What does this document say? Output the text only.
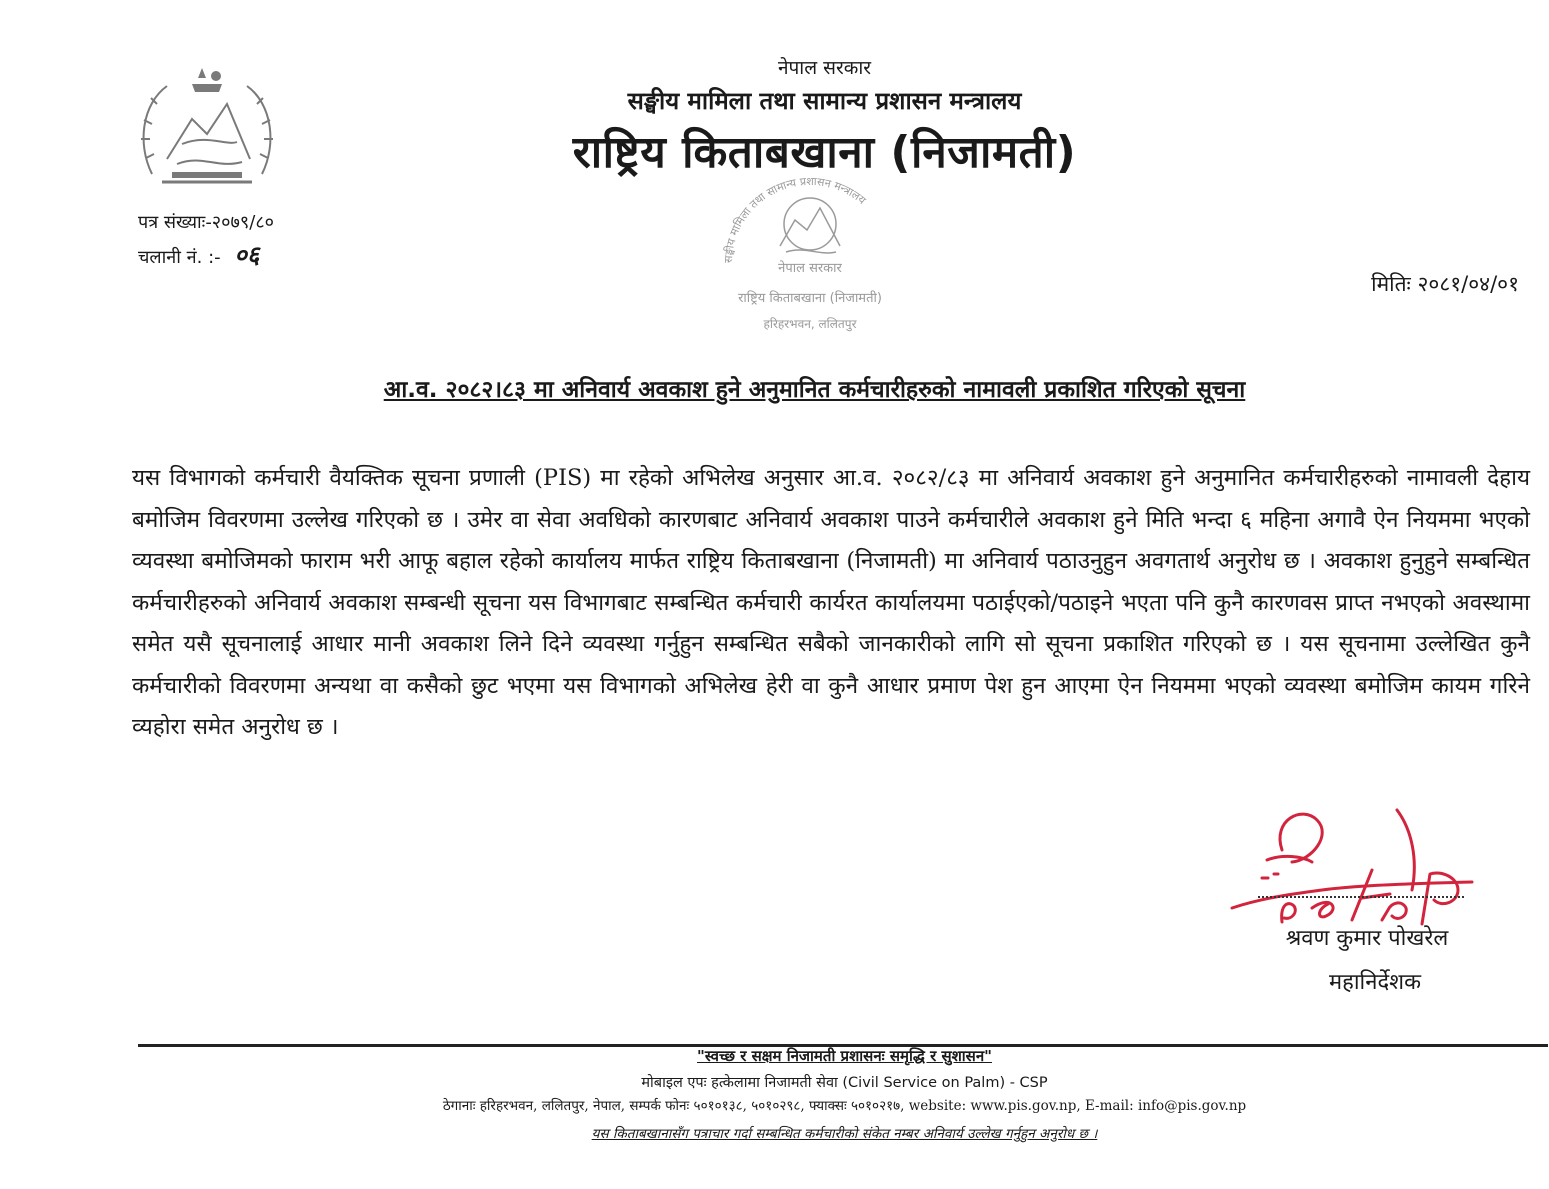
नेपाल सरकार
सङ्घीय मामिला तथा सामान्य प्रशासन मन्त्रालय
राष्ट्रिय किताबखाना (निजामती)
पत्र संख्याः-२०७९/८०
चलानी नं. :- ०६
मितिः २०८१/०४/०१
सङ्घीय मामिला तथा सामान्य प्रशासन मन्त्रालय
नेपाल सरकार
राष्ट्रिय किताबखाना (निजामती)
हरिहरभवन, ललितपुर
आ.व. २०८२।८३ मा अनिवार्य अवकाश हुने अनुमानित कर्मचारीहरुको नामावली प्रकाशित गरिएको सूचना
यस विभागको कर्मचारी वैयक्तिक सूचना प्रणाली (PIS) मा रहेको अभिलेख अनुसार आ.व. २०८२/८३ मा अनिवार्य अवकाश हुने अनुमानित कर्मचारीहरुको नामावली देहाय बमोजिम विवरणमा उल्लेख गरिएको छ । उमेर वा सेवा अवधिको कारणबाट अनिवार्य अवकाश पाउने कर्मचारीले अवकाश हुने मिति भन्दा ६ महिना अगावै ऐन नियममा भएको व्यवस्था बमोजिमको फाराम भरी आफू बहाल रहेको कार्यालय मार्फत राष्ट्रिय किताबखाना (निजामती) मा अनिवार्य पठाउनुहुन अवगतार्थ अनुरोध छ । अवकाश हुनुहुने सम्बन्धित कर्मचारीहरुको अनिवार्य अवकाश सम्बन्धी सूचना यस विभागबाट सम्बन्धित कर्मचारी कार्यरत कार्यालयमा पठाईएको/पठाइने भएता पनि कुनै कारणवस प्राप्त नभएको अवस्थामा समेत यसै सूचनालाई आधार मानी अवकाश लिने दिने व्यवस्था गर्नुहुन सम्बन्धित सबैको जानकारीको लागि सो सूचना प्रकाशित गरिएको छ । यस सूचनामा उल्लेखित कुनै कर्मचारीको विवरणमा अन्यथा वा कसैको छुट भएमा यस विभागको अभिलेख हेरी वा कुनै आधार प्रमाण पेश हुन आएमा ऐन नियममा भएको व्यवस्था बमोजिम कायम गरिने व्यहोरा समेत अनुरोध छ ।
श्रवण कुमार पोखरेल
महानिर्देशक
"स्वच्छ र सक्षम निजामती प्रशासनः समृद्धि र सुशासन"
मोबाइल एपः हत्केलामा निजामती सेवा (Civil Service on Palm) - CSP
ठेगानाः हरिहरभवन, ललितपुर, नेपाल, सम्पर्क फोनः ५०१०१३८, ५०१०२९८, फ्याक्सः ५०१०२१७, website: www.pis.gov.np, E-mail: info@pis.gov.np
यस किताबखानासँग पत्राचार गर्दा सम्बन्धित कर्मचारीको संकेत नम्बर अनिवार्य उल्लेख गर्नुहुन अनुरोध छ ।
